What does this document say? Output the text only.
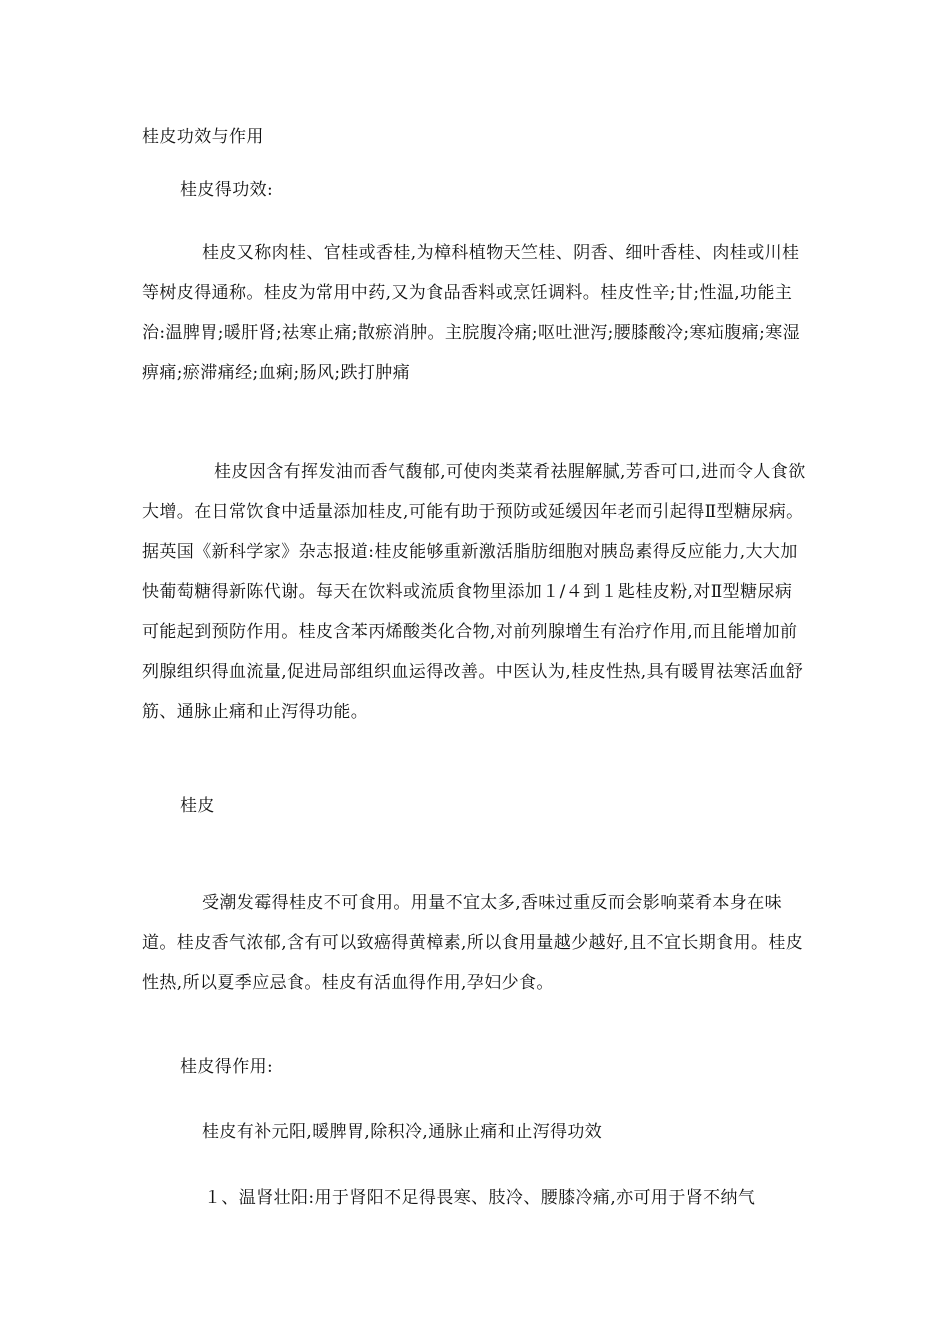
桂皮功效与作用
桂皮得功效:
桂皮又称肉桂、官桂或香桂,为樟科植物天竺桂、阴香、细叶香桂、肉桂或川桂等树皮得通称。桂皮为常用中药,又为食品香料或烹饪调料。桂皮性辛;甘;性温,功能主治:温脾胃;暖肝肾;祛寒止痛;散瘀消肿。主脘腹冷痛;呕吐泄泻;腰膝酸冷;寒疝腹痛;寒湿痹痛;瘀滞痛经;血痢;肠风;跌打肿痛
桂皮因含有挥发油而香气馥郁,可使肉类菜肴祛腥解腻,芳香可口,进而令人食欲大增。在日常饮食中适量添加桂皮,可能有助于预防或延缓因年老而引起得Ⅱ型糖尿病。据英国《新科学家》杂志报道:桂皮能够重新激活脂肪细胞对胰岛素得反应能力,大大加快葡萄糖得新陈代谢。每天在饮料或流质食物里添加１/４到１匙桂皮粉,对Ⅱ型糖尿病可能起到预防作用。桂皮含苯丙烯酸类化合物,对前列腺增生有治疗作用,而且能增加前列腺组织得血流量,促进局部组织血运得改善。中医认为,桂皮性热,具有暖胃祛寒活血舒筋、通脉止痛和止泻得功能。
桂皮
受潮发霉得桂皮不可食用。用量不宜太多,香味过重反而会影响菜肴本身在味道。桂皮香气浓郁,含有可以致癌得黄樟素,所以食用量越少越好,且不宜长期食用。桂皮性热,所以夏季应忌食。桂皮有活血得作用,孕妇少食。
桂皮得作用:
桂皮有补元阳,暖脾胃,除积冷,通脉止痛和止泻得功效
１、温肾壮阳:用于肾阳不足得畏寒、肢冷、腰膝冷痛,亦可用于肾不纳气
